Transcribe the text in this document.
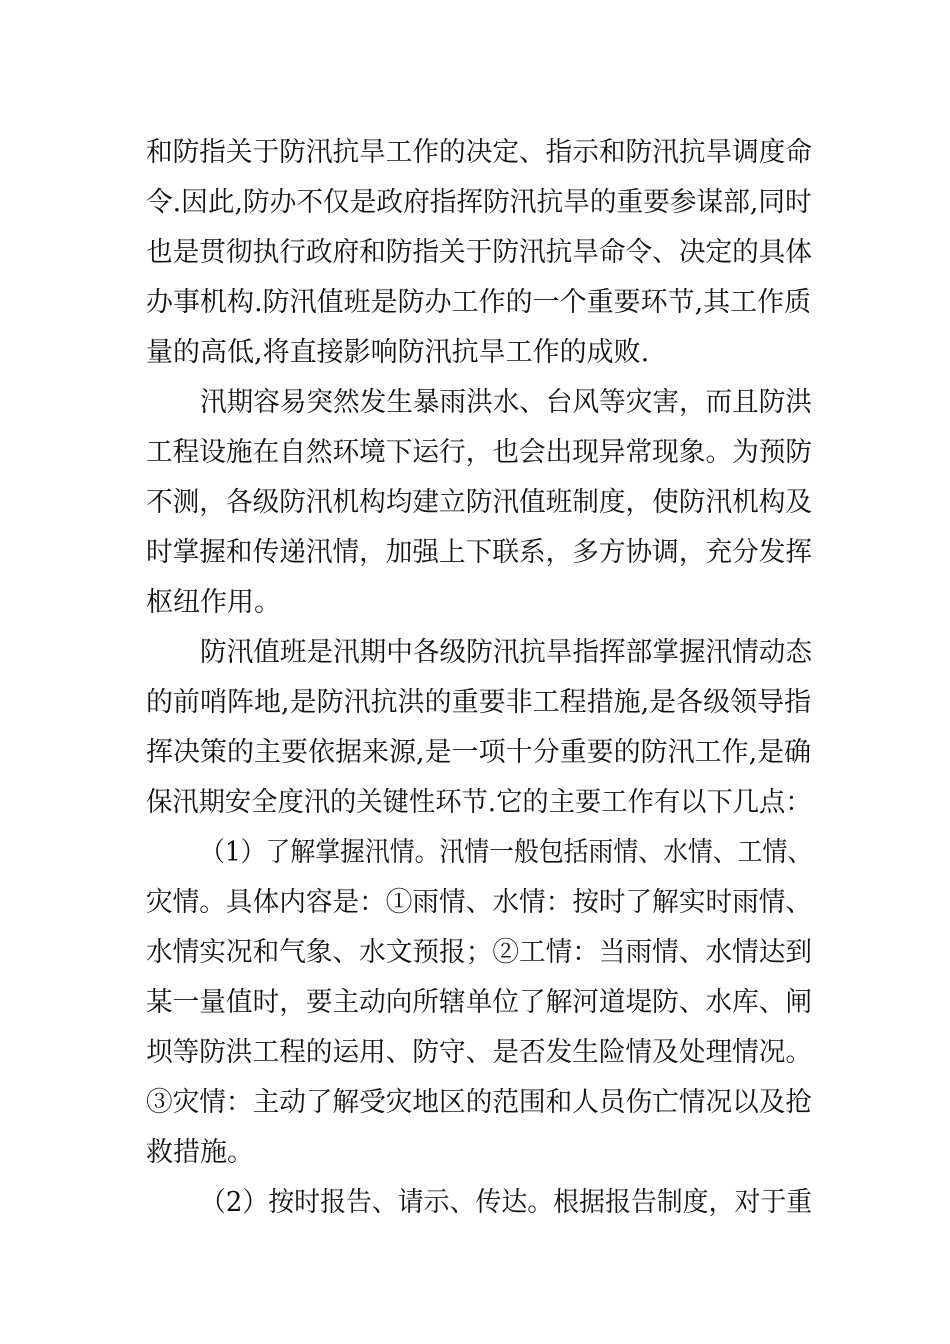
和防指关于防汛抗旱工作的决定、指示和防汛抗旱调度命
令.因此,防办不仅是政府指挥防汛抗旱的重要参谋部,同时
也是贯彻执行政府和防指关于防汛抗旱命令、决定的具体
办事机构.防汛值班是防办工作的一个重要环节,其工作质
量的高低,将直接影响防汛抗旱工作的成败.
汛期容易突然发生暴雨洪水、台风等灾害，而且防洪
工程设施在自然环境下运行，也会出现异常现象。为预防
不测，各级防汛机构均建立防汛值班制度，使防汛机构及
时掌握和传递汛情，加强上下联系，多方协调，充分发挥
枢纽作用。
防汛值班是汛期中各级防汛抗旱指挥部掌握汛情动态
的前哨阵地,是防汛抗洪的重要非工程措施,是各级领导指
挥决策的主要依据来源,是一项十分重要的防汛工作,是确
保汛期安全度汛的关键性环节.它的主要工作有以下几点：
（1）了解掌握汛情。汛情一般包括雨情、水情、工情、
灾情。具体内容是：①雨情、水情：按时了解实时雨情、
水情实况和气象、水文预报；②工情：当雨情、水情达到
某一量值时，要主动向所辖单位了解河道堤防、水库、闸
坝等防洪工程的运用、防守、是否发生险情及处理情况。
③灾情：主动了解受灾地区的范围和人员伤亡情况以及抢
救措施。
（2）按时报告、请示、传达。根据报告制度，对于重
